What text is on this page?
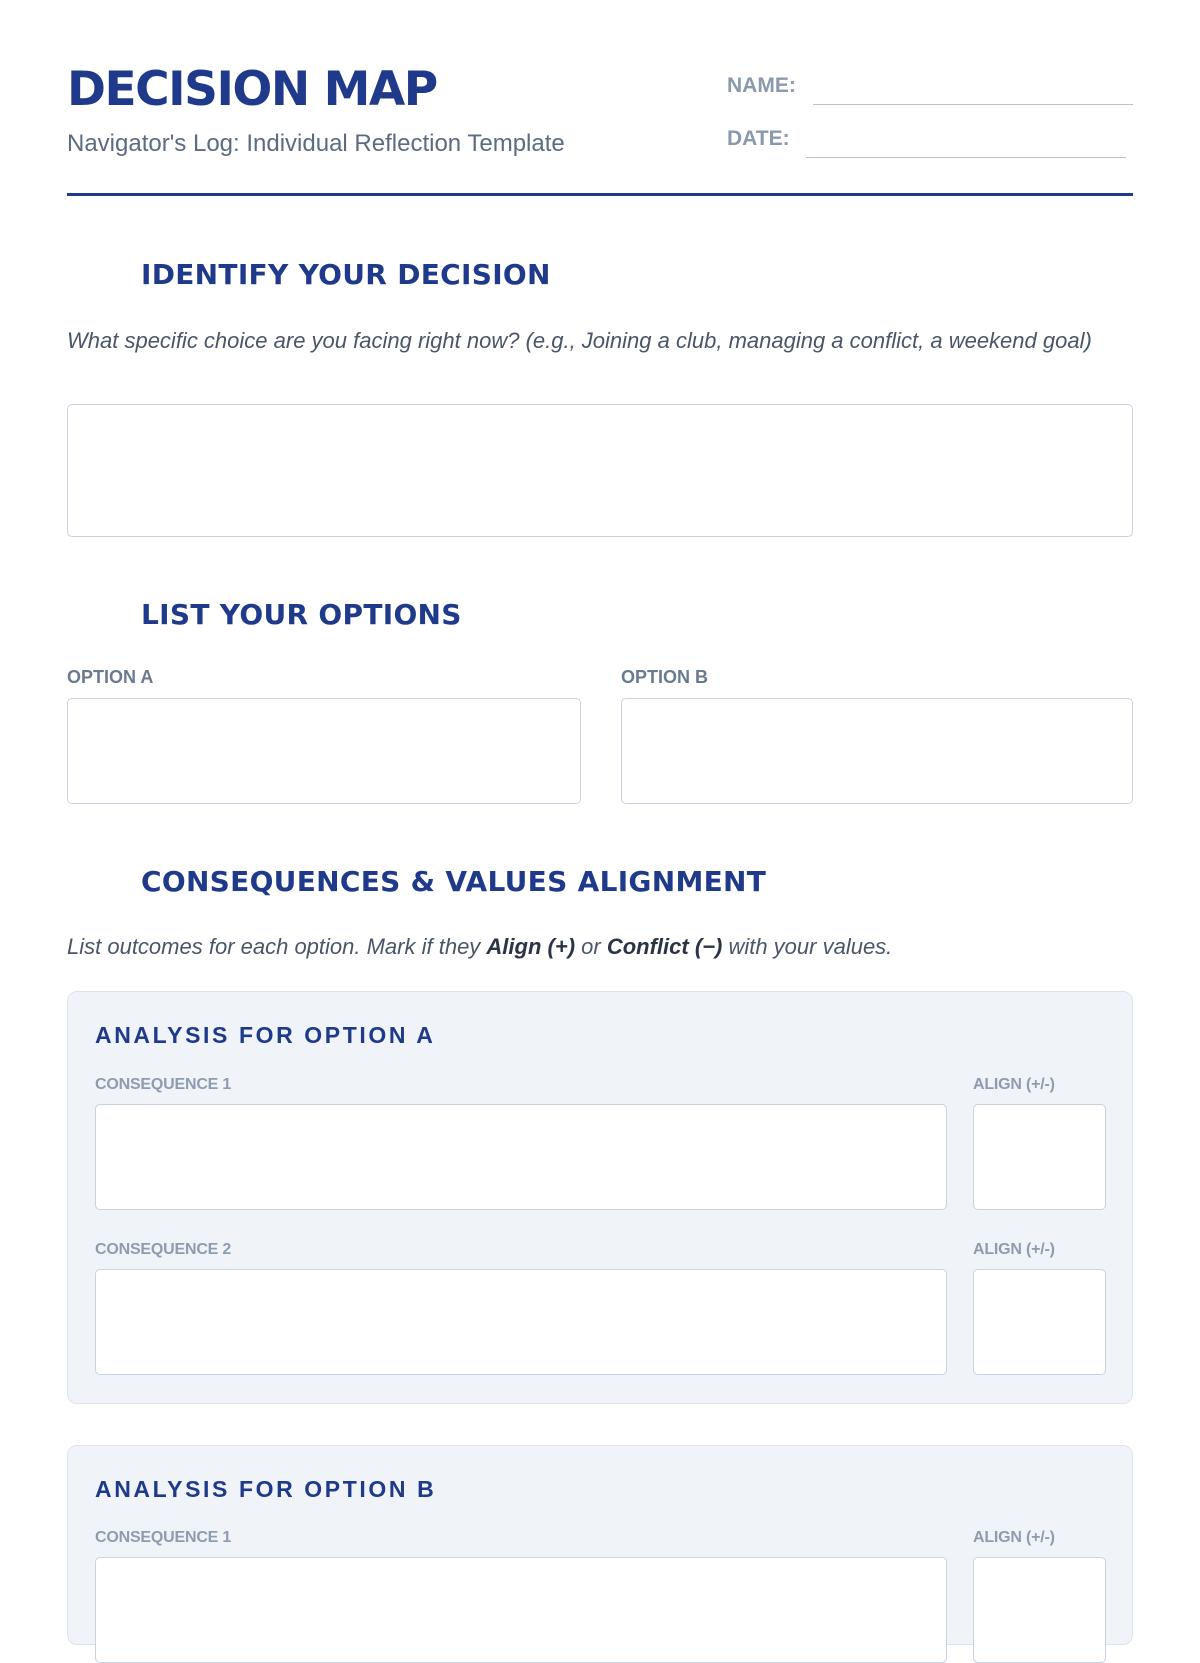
DECISION MAP
Navigator's Log: Individual Reflection Template
NAME:
DATE:
IDENTIFY YOUR DECISION
What specific choice are you facing right now? (e.g., Joining a club, managing a conflict, a weekend goal)
LIST YOUR OPTIONS
OPTION A	OPTION B
CONSEQUENCES & VALUES ALIGNMENT
List outcomes for each option. Mark if they Align (+) or Conflict (−) with your values.
ANALYSIS FOR OPTION A
CONSEQUENCE 1	ALIGN (+/-)
CONSEQUENCE 2	ALIGN (+/-)
ANALYSIS FOR OPTION B
CONSEQUENCE 1	ALIGN (+/-)
